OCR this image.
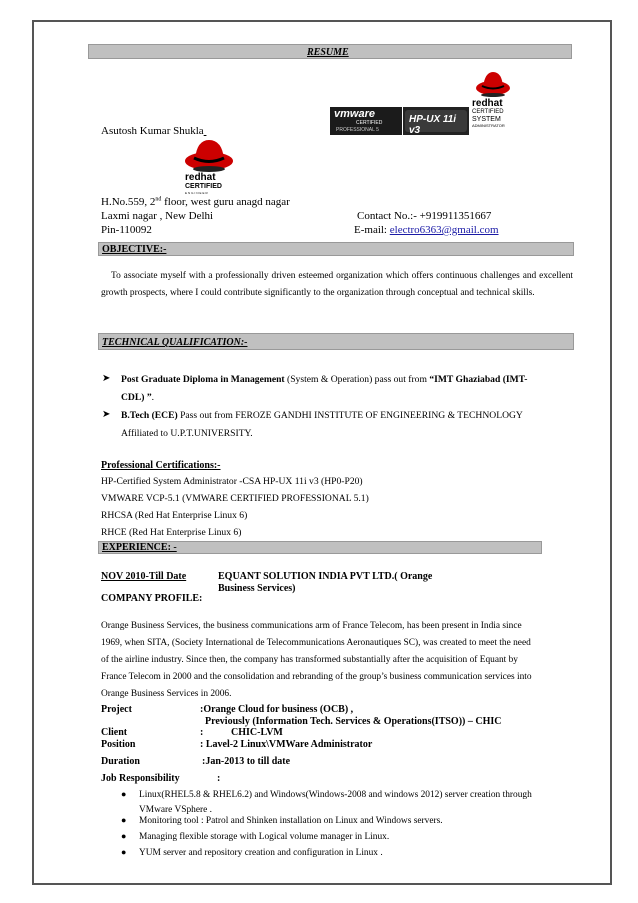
RESUME
vmware
CERTIFIED
PROFESSIONAL 5
HP-UX 11i v3
redhat
CERTIFIED
SYSTEM
ADMINISTRATOR
Asutosh Kumar Shukla
redhat
CERTIFIED
ENGINEER
H.No.559, 2nd floor, west guru anagd nagar
Laxmi nagar , New Delhi
Pin-110092
Contact No.:- +919911351667
E-mail: electro6363@gmail.com
OBJECTIVE:-
To associate myself with a professionally driven esteemed organization which offers continuous challenges and excellent growth prospects, where I could contribute significantly to the organization through conceptual and technical skills.
TECHNICAL QUALIFICATION:-
➤ Post Graduate Diploma in Management (System & Operation) pass out from “IMT Ghaziabad (IMT-
CDL) ”.
➤ B.Tech (ECE) Pass out from FEROZE GANDHI INSTITUTE OF ENGINEERING & TECHNOLOGY
Affiliated to U.P.T.UNIVERSITY.
Professional Certifications:-
HP-Certified System Administrator -CSA HP-UX 11i v3 (HP0-P20)
VMWARE VCP-5.1 (VMWARE CERTIFIED PROFESSIONAL 5.1)
RHCSA (Red Hat Enterprise Linux 6)
RHCE (Red Hat Enterprise Linux 6)
EXPERIENCE: -
NOV 2010-Till Date	EQUANT SOLUTION INDIA PVT LTD.( Orange
Business Services)
COMPANY PROFILE:
Orange Business Services, the business communications arm of France Telecom, has been present in India since
1969, when SITA, (Society International de Telecommunications Aeronautiques SC), was created to meet the need
of the airline industry. Since then, the company has transformed substantially after the acquisition of Equant by
France Telecom in 2000 and the consolidation and rebranding of the group’s business communication services into
Orange Business Services in 2006.
Project	:Orange Cloud for business (OCB) ,
Previously (Information Tech. Services & Operations(ITSO)) – CHIC
Client	:	CHIC-LVM
Position	: Lavel-2 Linux\VMWare Administrator
Duration	:Jan-2013 to till date
Job Responsibility	:
● Linux(RHEL5.8 & RHEL6.2) and Windows(Windows-2008 and windows 2012) server creation through
VMware VSphere .
● Monitoring tool : Patrol and Shinken installation on Linux and Windows servers.
● Managing flexible storage with Logical volume manager in Linux.
● YUM server and repository creation and configuration in Linux .
